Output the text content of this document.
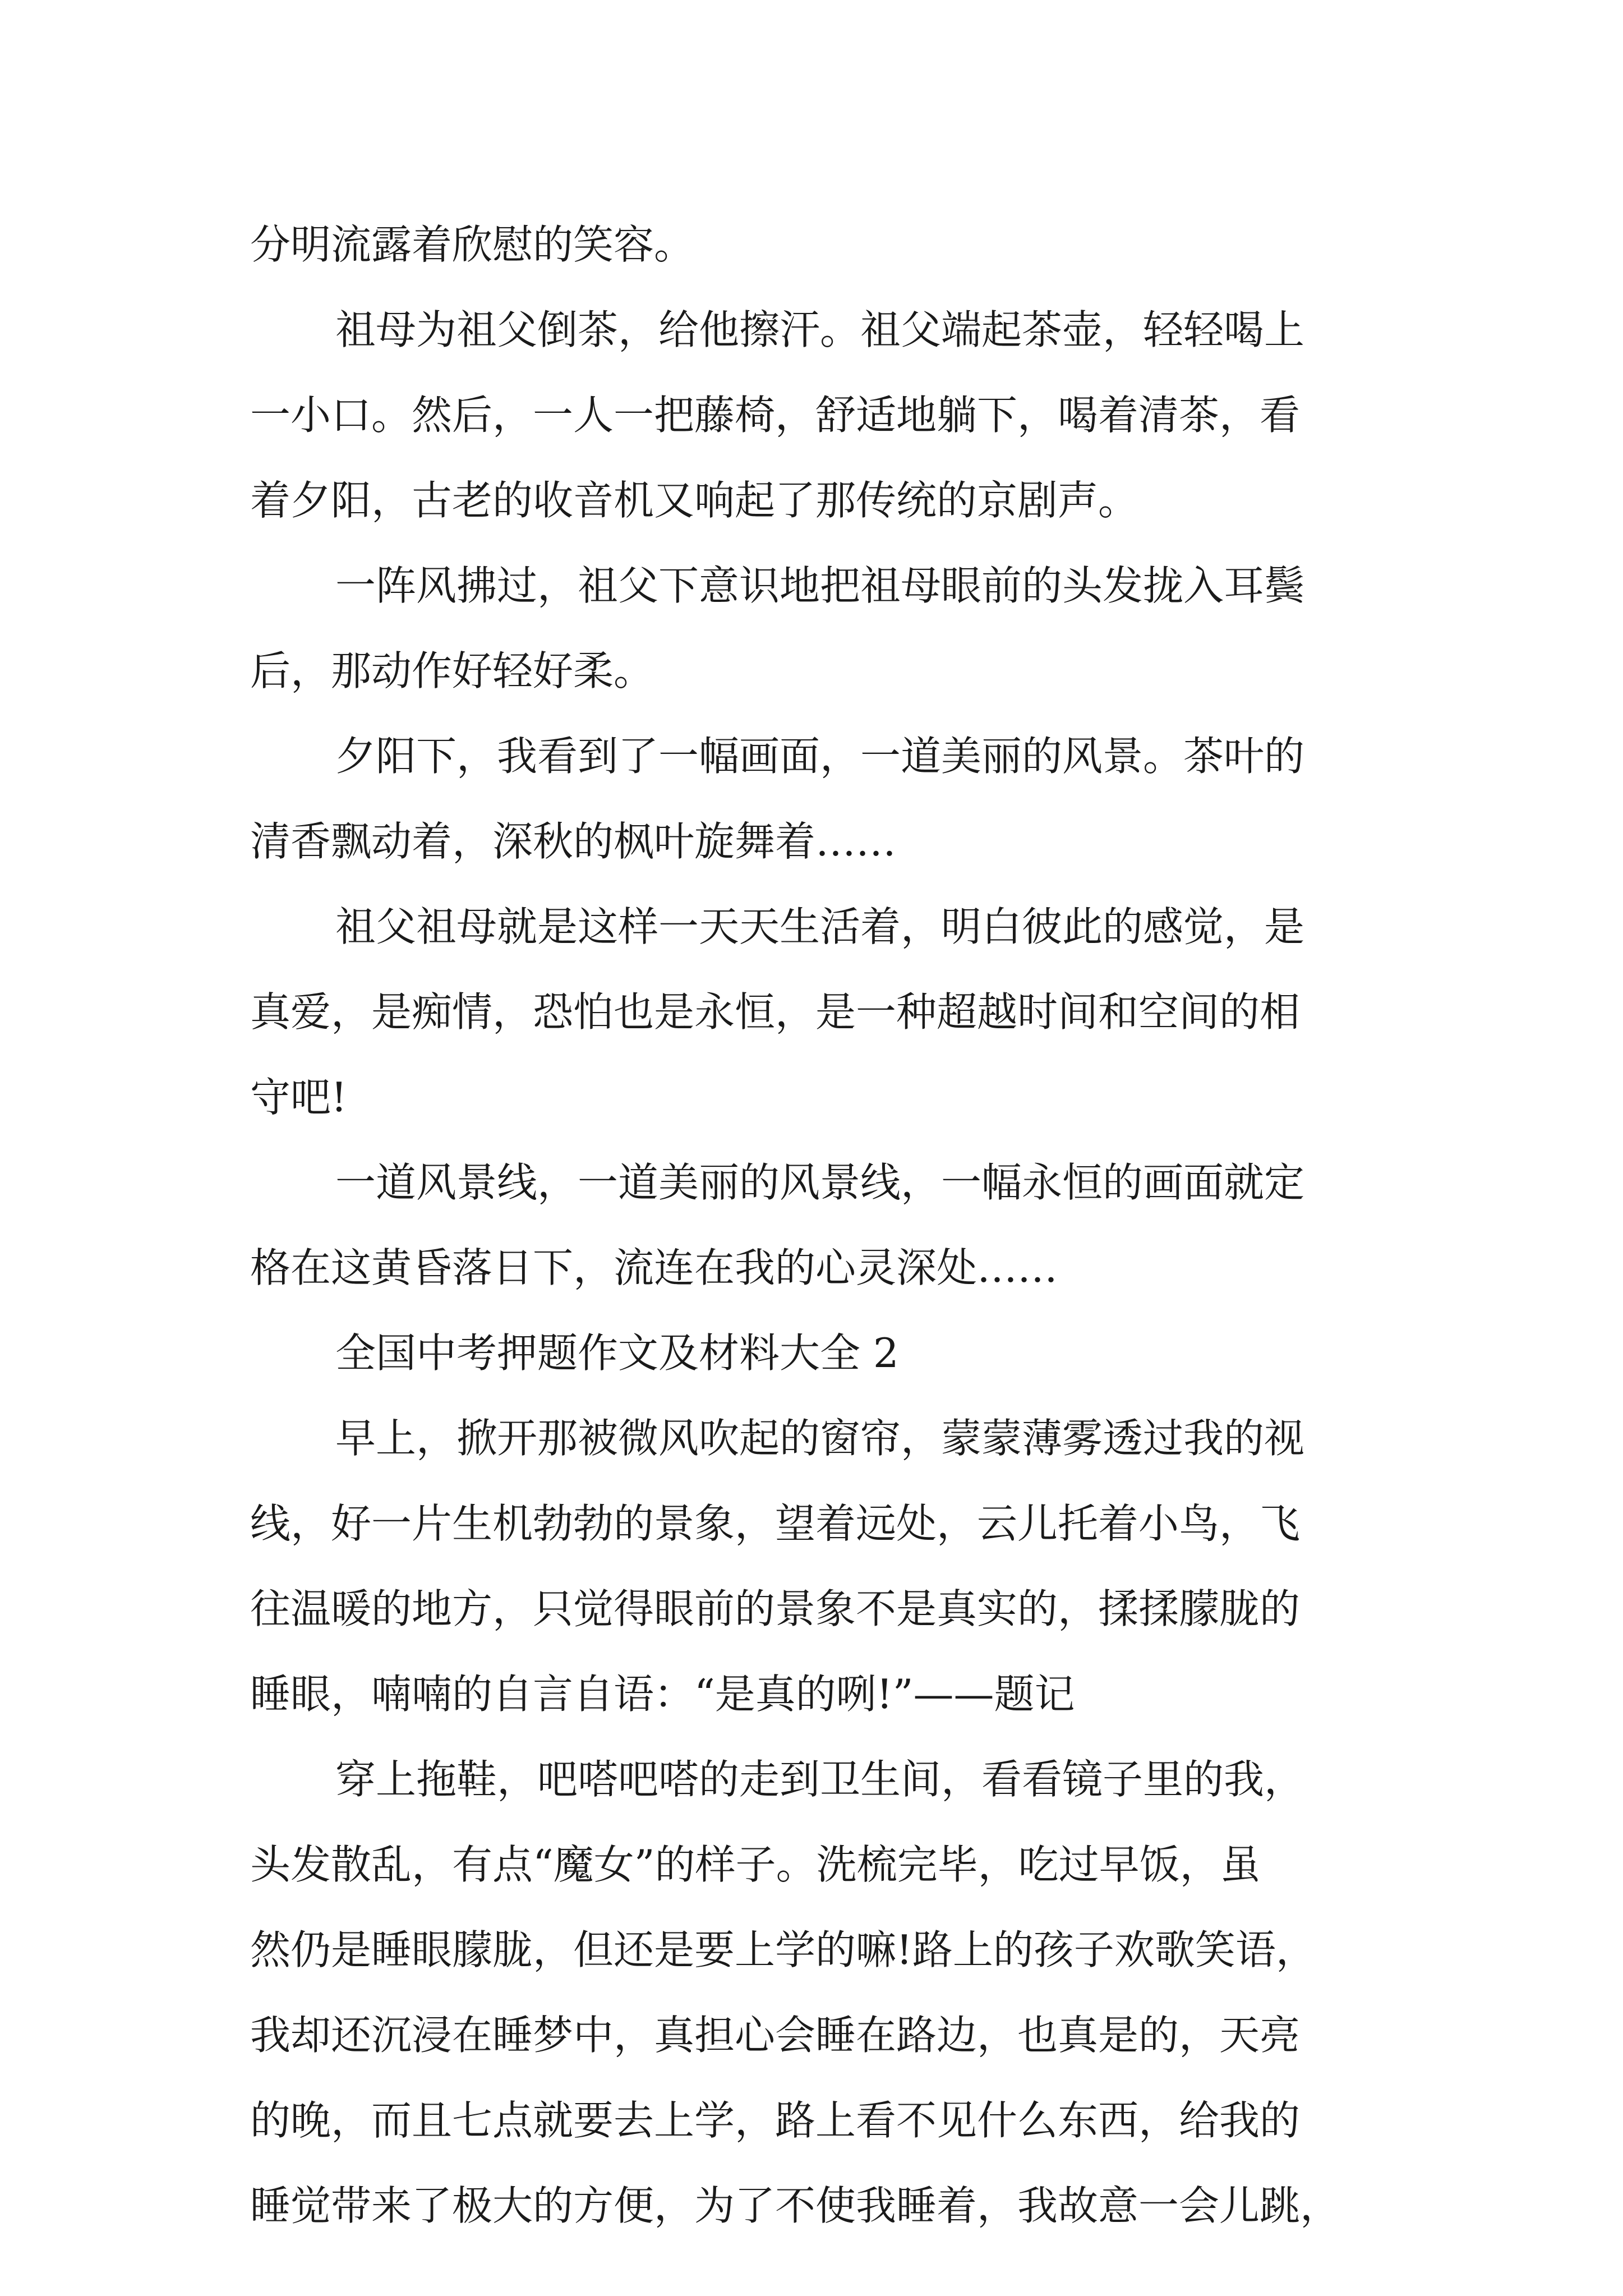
分明流露着欣慰的笑容。
祖母为祖父倒茶，给他擦汗。祖父端起茶壶，轻轻喝上
一小口。然后，一人一把藤椅，舒适地躺下，喝着清茶，看
着夕阳，古老的收音机又响起了那传统的京剧声。
一阵风拂过，祖父下意识地把祖母眼前的头发拢入耳鬓
后，那动作好轻好柔。
夕阳下，我看到了一幅画面，一道美丽的风景。茶叶的
清香飘动着，深秋的枫叶旋舞着……
祖父祖母就是这样一天天生活着，明白彼此的感觉，是
真爱，是痴情，恐怕也是永恒，是一种超越时间和空间的相
守吧!
一道风景线，一道美丽的风景线，一幅永恒的画面就定
格在这黄昏落日下，流连在我的心灵深处……
全国中考押题作文及材料大全 2
早上，掀开那被微风吹起的窗帘，蒙蒙薄雾透过我的视
线，好一片生机勃勃的景象，望着远处，云儿托着小鸟，飞
往温暖的地方，只觉得眼前的景象不是真实的，揉揉朦胧的
睡眼，喃喃的自言自语：“是真的咧!”——题记
穿上拖鞋，吧嗒吧嗒的走到卫生间，看看镜子里的我，
头发散乱，有点“魔女”的样子。洗梳完毕，吃过早饭，虽
然仍是睡眼朦胧，但还是要上学的嘛!路上的孩子欢歌笑语，
我却还沉浸在睡梦中，真担心会睡在路边，也真是的，天亮
的晚，而且七点就要去上学，路上看不见什么东西，给我的
睡觉带来了极大的方便，为了不使我睡着，我故意一会儿跳，
